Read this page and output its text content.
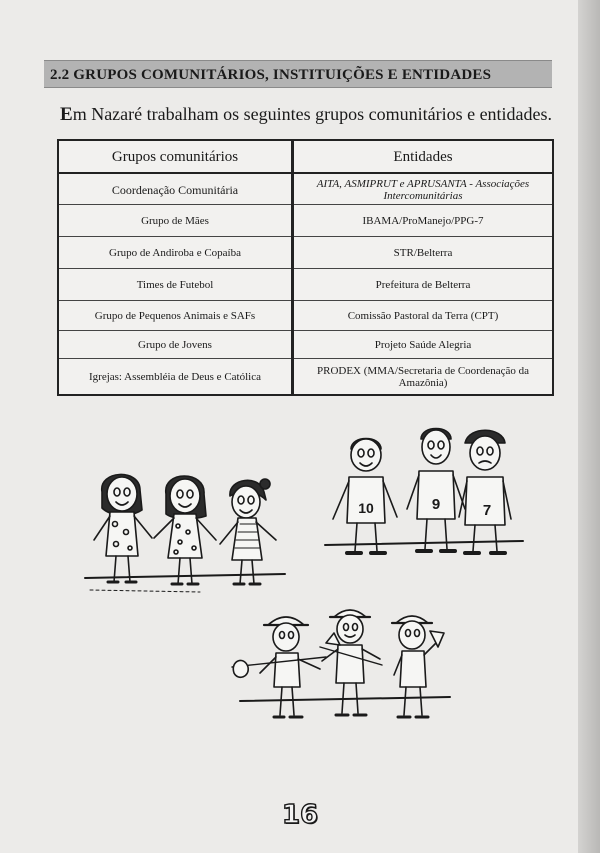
2.2 GRUPOS COMUNITÁRIOS, INSTITUIÇÕES E ENTIDADES
Em Nazaré trabalham os seguintes grupos comunitários e entidades.
Grupos comunitários	Entidades
Coordenação Comunitária	AITA, ASMIPRUT e APRUSANTA - Associações Intercomunitárias
Grupo de Mães	IBAMA/ProManejo/PPG-7
Grupo de Andiroba e Copaíba	STR/Belterra
Times de Futebol	Prefeitura de Belterra
Grupo de Pequenos Animais e SAFs	Comissão Pastoral da Terra (CPT)
Grupo de Jovens	Projeto Saúde Alegria
Igrejas: Assembléia de Deus e Católica	PRODEX (MMA/Secretaria de Coordenação da Amazônia)
10	9	7
16
